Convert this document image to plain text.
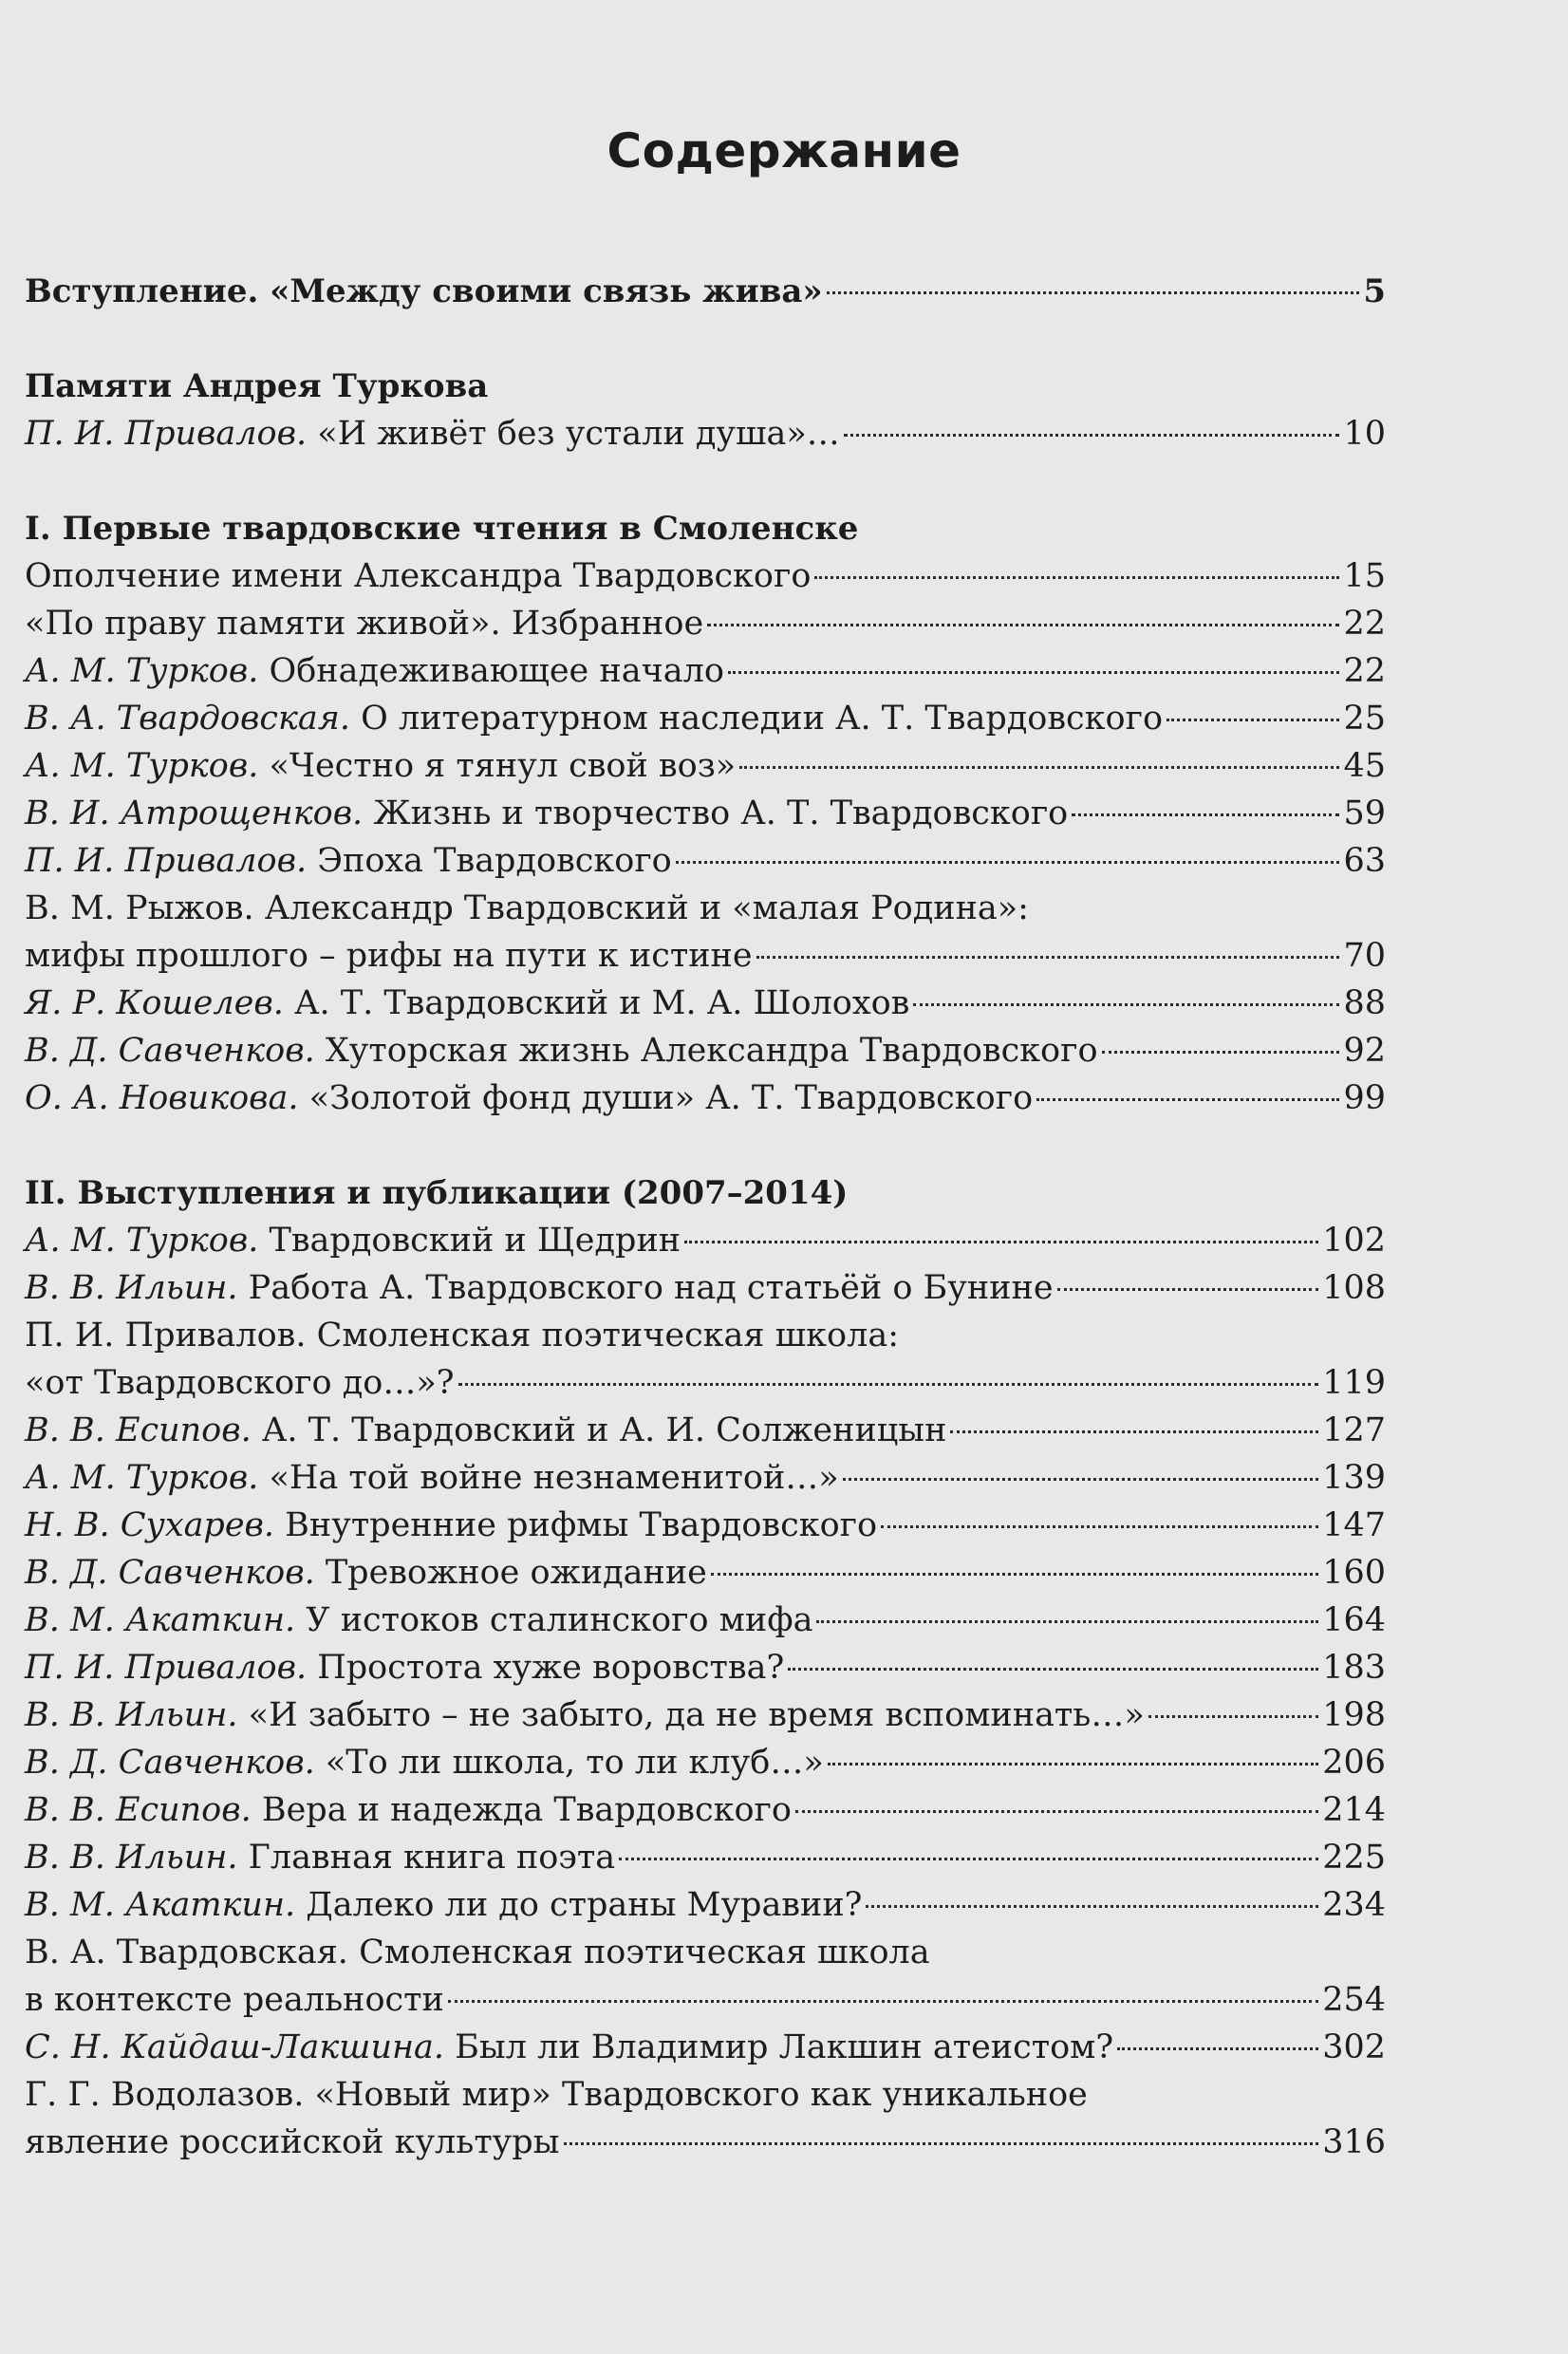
Содержание
Вступление. «Между своими связь жива»	5
Памяти Андрея Туркова
П. И. Привалов. «И живёт без устали душа»…	10
I. Первые твардовские чтения в Смоленске
Ополчение имени Александра Твардовского	15
«По праву памяти живой». Избранное	22
А. М. Турков. Обнадеживающее начало	22
В. А. Твардовская. О литературном наследии А. Т. Твардовского	25
А. М. Турков. «Честно я тянул свой воз»	45
В. И. Атрощенков. Жизнь и творчество А. Т. Твардовского	59
П. И. Привалов. Эпоха Твардовского	63
В. М. Рыжов. Александр Твардовский и «малая Родина»:
мифы прошлого – рифы на пути к истине	70
Я. Р. Кошелев. А. Т. Твардовский и М. А. Шолохов	88
В. Д. Савченков. Хуторская жизнь Александра Твардовского	92
О. А. Новикова. «Золотой фонд души» А. Т. Твардовского	99
II. Выступления и публикации (2007–2014)
А. М. Турков. Твардовский и Щедрин	102
В. В. Ильин. Работа А. Твардовского над статьёй о Бунине	108
П. И. Привалов. Смоленская поэтическая школа:
«от Твардовского до…»?	119
В. В. Есипов. А. Т. Твардовский и А. И. Солженицын	127
А. М. Турков. «На той войне незнаменитой…»	139
Н. В. Сухарев. Внутренние рифмы Твардовского	147
В. Д. Савченков. Тревожное ожидание	160
В. М. Акаткин. У истоков сталинского мифа	164
П. И. Привалов. Простота хуже воровства?	183
В. В. Ильин. «И забыто – не забыто, да не время вспоминать…»	198
В. Д. Савченков. «То ли школа, то ли клуб…»	206
В. В. Есипов. Вера и надежда Твардовского	214
В. В. Ильин. Главная книга поэта	225
В. М. Акаткин. Далеко ли до страны Муравии?	234
В. А. Твардовская. Смоленская поэтическая школа
в контексте реальности	254
С. Н. Кайдаш-Лакшина. Был ли Владимир Лакшин атеистом?	302
Г. Г. Водолазов. «Новый мир» Твардовского как уникальное
явление российской культуры	316
